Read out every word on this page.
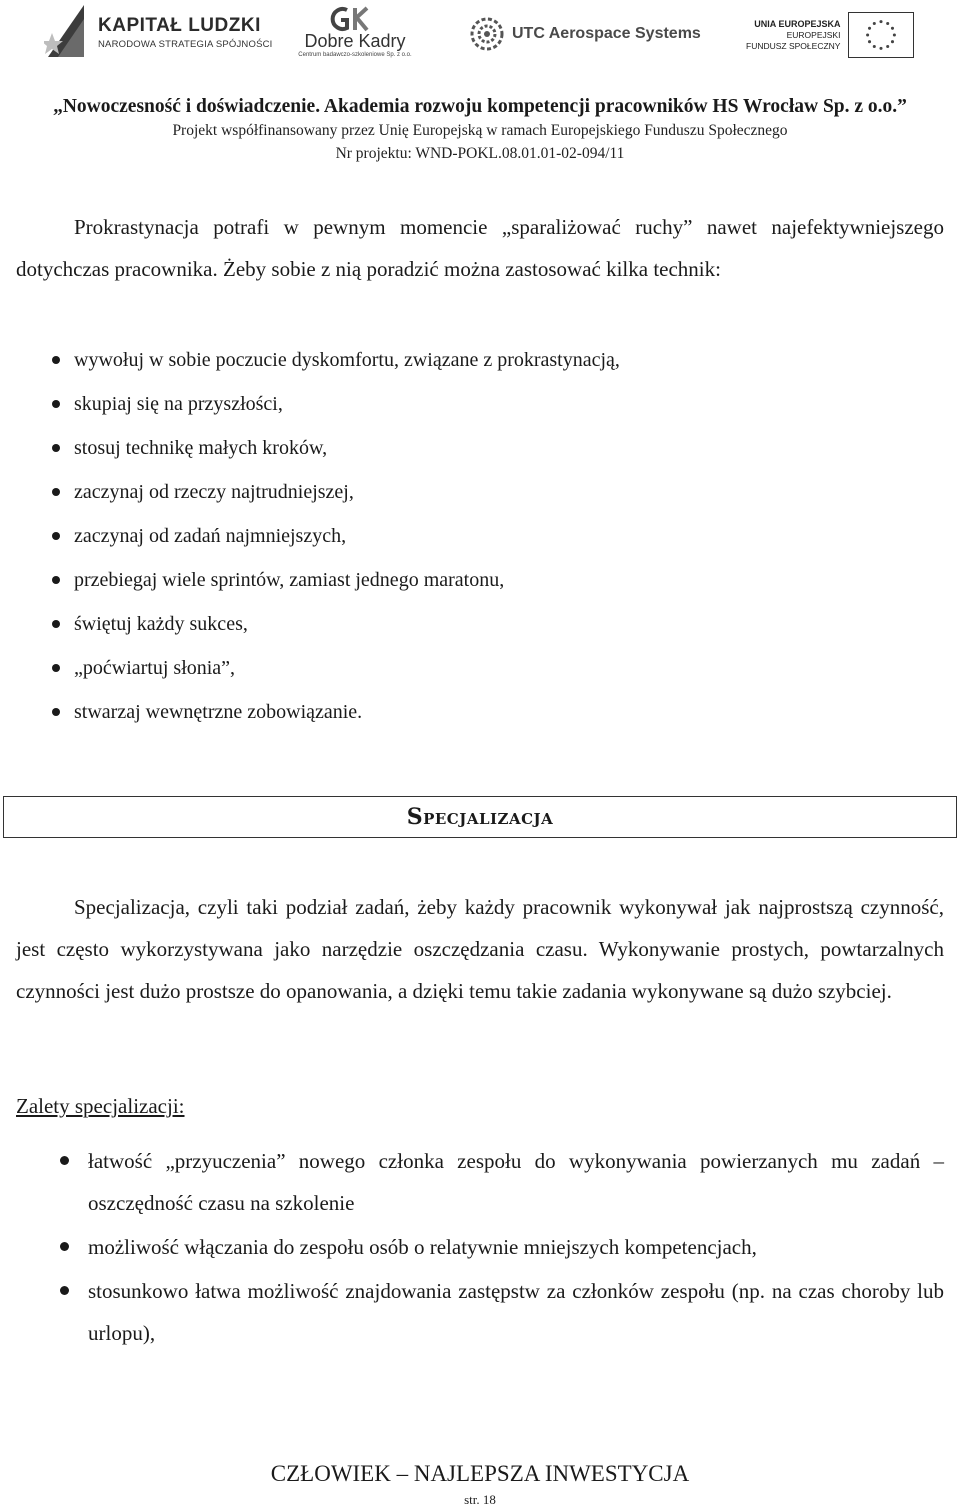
KAPITAŁ LUDZKI
NARODOWA STRATEGIA SPÓJNOŚCI Dobre Kadry
Centrum badawczo-szkoleniowe Sp. z o.o.
UTC Aerospace Systems
UNIA EUROPEJSKA
EUROPEJSKI
FUNDUSZ SPOŁECZNY
„Nowoczesność i doświadczenie. Akademia rozwoju kompetencji pracowników HS Wrocław Sp. z o.o.”
Projekt współfinansowany przez Unię Europejską w ramach Europejskiego Funduszu Społecznego
Nr projektu: WND-POKL.08.01.01-02-094/11

Prokrastynacja potrafi w pewnym momencie „sparaliżować ruchy” nawet najefektywniejszego dotychczas pracownika. Żeby sobie z nią poradzić można zastosować kilka technik:

wywołuj w sobie poczucie dyskomfortu, związane z prokrastynacją,
skupiaj się na przyszłości,
stosuj technikę małych kroków,
zaczynaj od rzeczy najtrudniejszej,
zaczynaj od zadań najmniejszych,
przebiegaj wiele sprintów, zamiast jednego maratonu,
świętuj każdy sukces,
„poćwiartuj słonia”,
stwarzaj wewnętrzne zobowiązanie.
Specjalizacja

Specjalizacja, czyli taki podział zadań, żeby każdy pracownik wykonywał jak najprostszą czynność, jest często wykorzystywana jako narzędzie oszczędzania czasu. Wykonywanie prostych, powtarzalnych czynności jest dużo prostsze do opanowania, a dzięki temu takie zadania wykonywane są dużo szybciej.

Zalety specjalizacji:
łatwość „przyuczenia” nowego członka zespołu do wykonywania powierzanych mu zadań – oszczędność czasu na szkolenie
możliwość włączania do zespołu osób o relatywnie mniejszych kompetencjach,
stosunkowo łatwa możliwość znajdowania zastępstw za członków zespołu (np. na czas choroby lub urlopu),
CZŁOWIEK – NAJLEPSZA INWESTYCJA
str. 18
